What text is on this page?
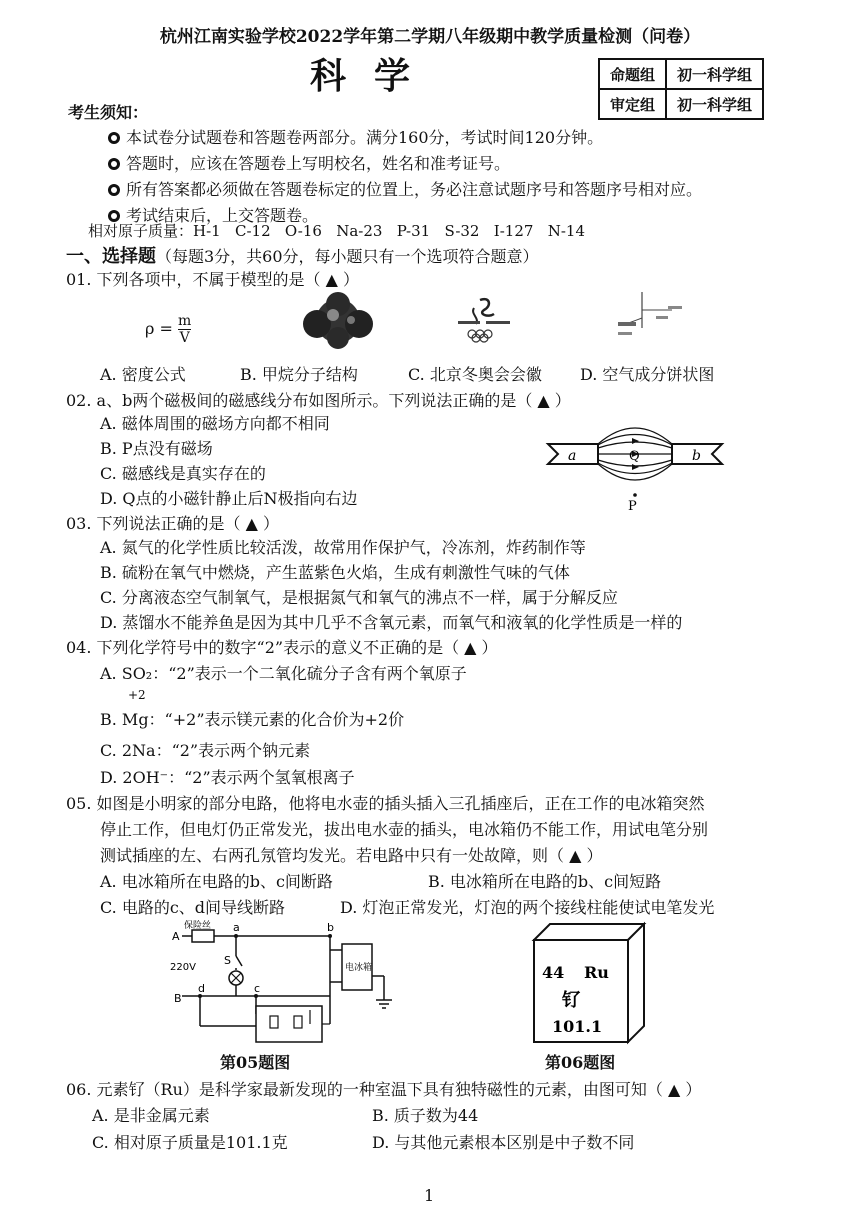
杭州江南实验学校2022学年第二学期八年级期中教学质量检测（问卷）
科学	命题组	初一科学组
审定组	初一科学组
考生须知：
本试卷分试题卷和答题卷两部分。满分160分，考试时间120分钟。
答题时，应该在答题卷上写明校名，姓名和准考证号。
所有答案都必须做在答题卷标定的位置上，务必注意试题序号和答题序号相对应。
考试结束后，上交答题卷。
相对原子质量：H-1   C-12   O-16   Na-23   P-31   S-32   I-127   N-14
一、选择题（每题3分，共60分，每小题只有一个选项符合题意）
01. 下列各项中，不属于模型的是（ ▲ ）
$\rho = \frac{m}{V}$
A. 密度公式	B. 甲烷分子结构	C. 北京冬奥会会徽 D. 空气成分饼状图
02. a、b两个磁极间的磁感线分布如图所示。下列说法正确的是（ ▲ ）
A. 磁体周围的磁场方向都不相同
B. P点没有磁场
C. 磁感线是真实存在的
D. Q点的小磁针静止后N极指向右边
a	b
Q
P
03. 下列说法正确的是（ ▲ ）
A. 氮气的化学性质比较活泼，故常用作保护气，冷冻剂，炸药制作等
B. 硫粉在氧气中燃烧，产生蓝紫色火焰，生成有刺激性气味的气体
C. 分离液态空气制氧气，是根据氮气和氧气的沸点不一样，属于分解反应
D. 蒸馏水不能养鱼是因为其中几乎不含氧元素，而氧气和液氧的化学性质是一样的
04. 下列化学符号中的数字“2”表示的意义不正确的是（ ▲ ）
A. SO₂：“2”表示一个二氧化硫分子含有两个氧原子
+2
B. Mg：“+2”表示镁元素的化合价为+2价
C. 2Na：“2”表示两个钠元素
D. 2OH⁻：“2”表示两个氢氧根离子
05. 如图是小明家的部分电路，他将电水壶的插头插入三孔插座后，正在工作的电冰箱突然
停止工作，但电灯仍正常发光，拔出电水壶的插头，电冰箱仍不能工作，用试电笔分别
测试插座的左、右两孔氖管均发光。若电路中只有一处故障，则（ ▲ ）
A. 电冰箱所在电路的b、c间断路	B. 电冰箱所在电路的b、c间短路
C. 电路的c、d间导线断路	D. 灯泡正常发光，灯泡的两个接线柱能使试电笔发光
A
保险丝 a	b
220V
S
d	c
B
电冰箱
第05题图
44 Ru
钌
101.1
第06题图
06. 元素钌（Ru）是科学家最新发现的一种室温下具有独特磁性的元素，由图可知（ ▲ ）
A. 是非金属元素	B. 质子数为44
C. 相对原子质量是101.1克	D. 与其他元素根本区别是中子数不同
1
